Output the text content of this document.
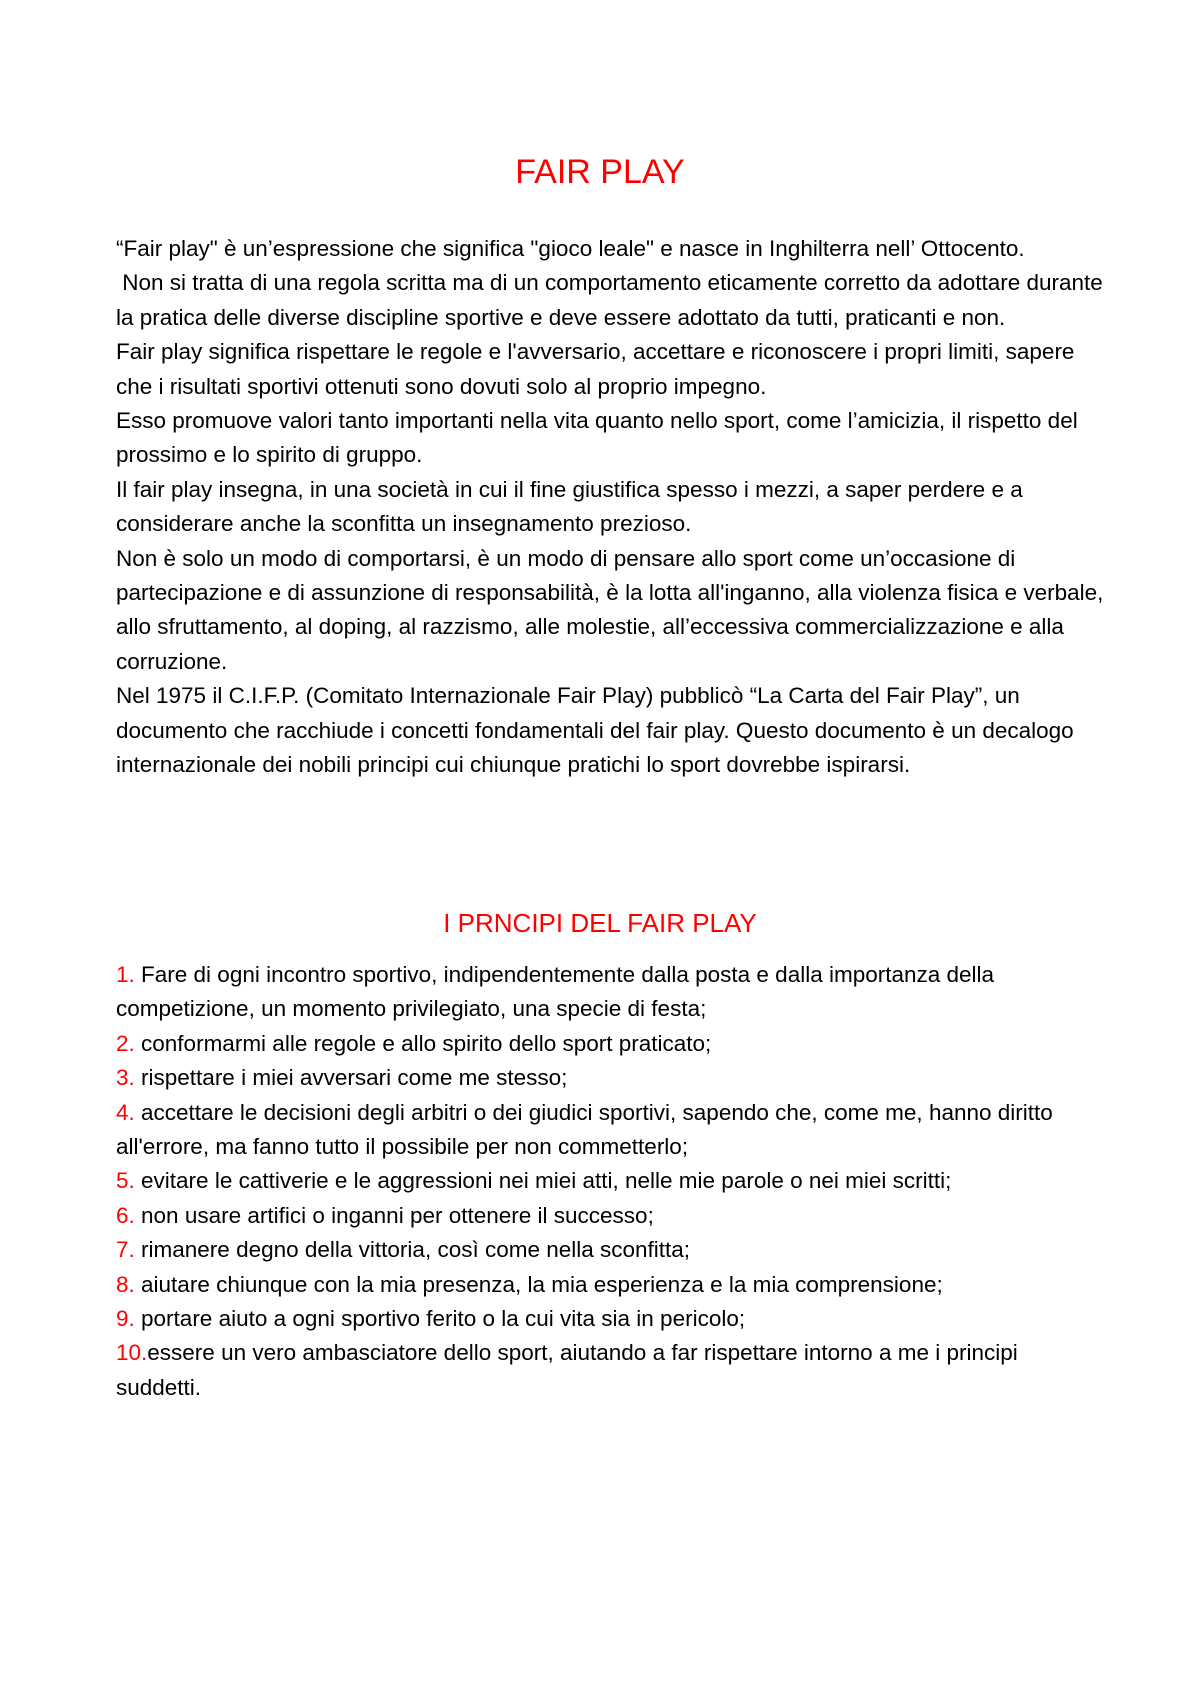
FAIR PLAY

“Fair play" è un’espressione che significa "gioco leale" e nasce in Inghilterra nell’ Ottocento.

Non si tratta di una regola scritta ma di un comportamento eticamente corretto da adottare durante la pratica delle diverse discipline sportive e deve essere adottato da tutti, praticanti e non.

Fair play significa rispettare le regole e l'avversario, accettare e riconoscere i propri limiti, sapere che i risultati sportivi ottenuti sono dovuti solo al proprio impegno.

Esso promuove valori tanto importanti nella vita quanto nello sport, come l’amicizia, il rispetto del prossimo e lo spirito di gruppo.

Il fair play insegna, in una società in cui il fine giustifica spesso i mezzi, a saper perdere e a considerare anche la sconfitta un insegnamento prezioso.

Non è solo un modo di comportarsi, è un modo di pensare allo sport come un’occasione di partecipazione e di assunzione di responsabilità, è la lotta all'inganno, alla violenza fisica e verbale, allo sfruttamento, al doping, al razzismo, alle molestie, all’eccessiva commercializzazione e alla corruzione.

Nel 1975 il C.I.F.P. (Comitato Internazionale Fair Play) pubblicò “La Carta del Fair Play”, un documento che racchiude i concetti fondamentali del fair play. Questo documento è un decalogo internazionale dei nobili principi cui chiunque pratichi lo sport dovrebbe ispirarsi.

I PRNCIPI DEL FAIR PLAY
1. Fare di ogni incontro sportivo, indipendentemente dalla posta e dalla importanza della competizione, un momento privilegiato, una specie di festa;
2. conformarmi alle regole e allo spirito dello sport praticato;
3. rispettare i miei avversari come me stesso;
4. accettare le decisioni degli arbitri o dei giudici sportivi, sapendo che, come me, hanno diritto all'errore, ma fanno tutto il possibile per non commetterlo;
5. evitare le cattiverie e le aggressioni nei miei atti, nelle mie parole o nei miei scritti;
6. non usare artifici o inganni per ottenere il successo;
7. rimanere degno della vittoria, così come nella sconfitta;
8. aiutare chiunque con la mia presenza, la mia esperienza e la mia comprensione;
9. portare aiuto a ogni sportivo ferito o la cui vita sia in pericolo;
10.essere un vero ambasciatore dello sport, aiutando a far rispettare intorno a me i principi suddetti.
